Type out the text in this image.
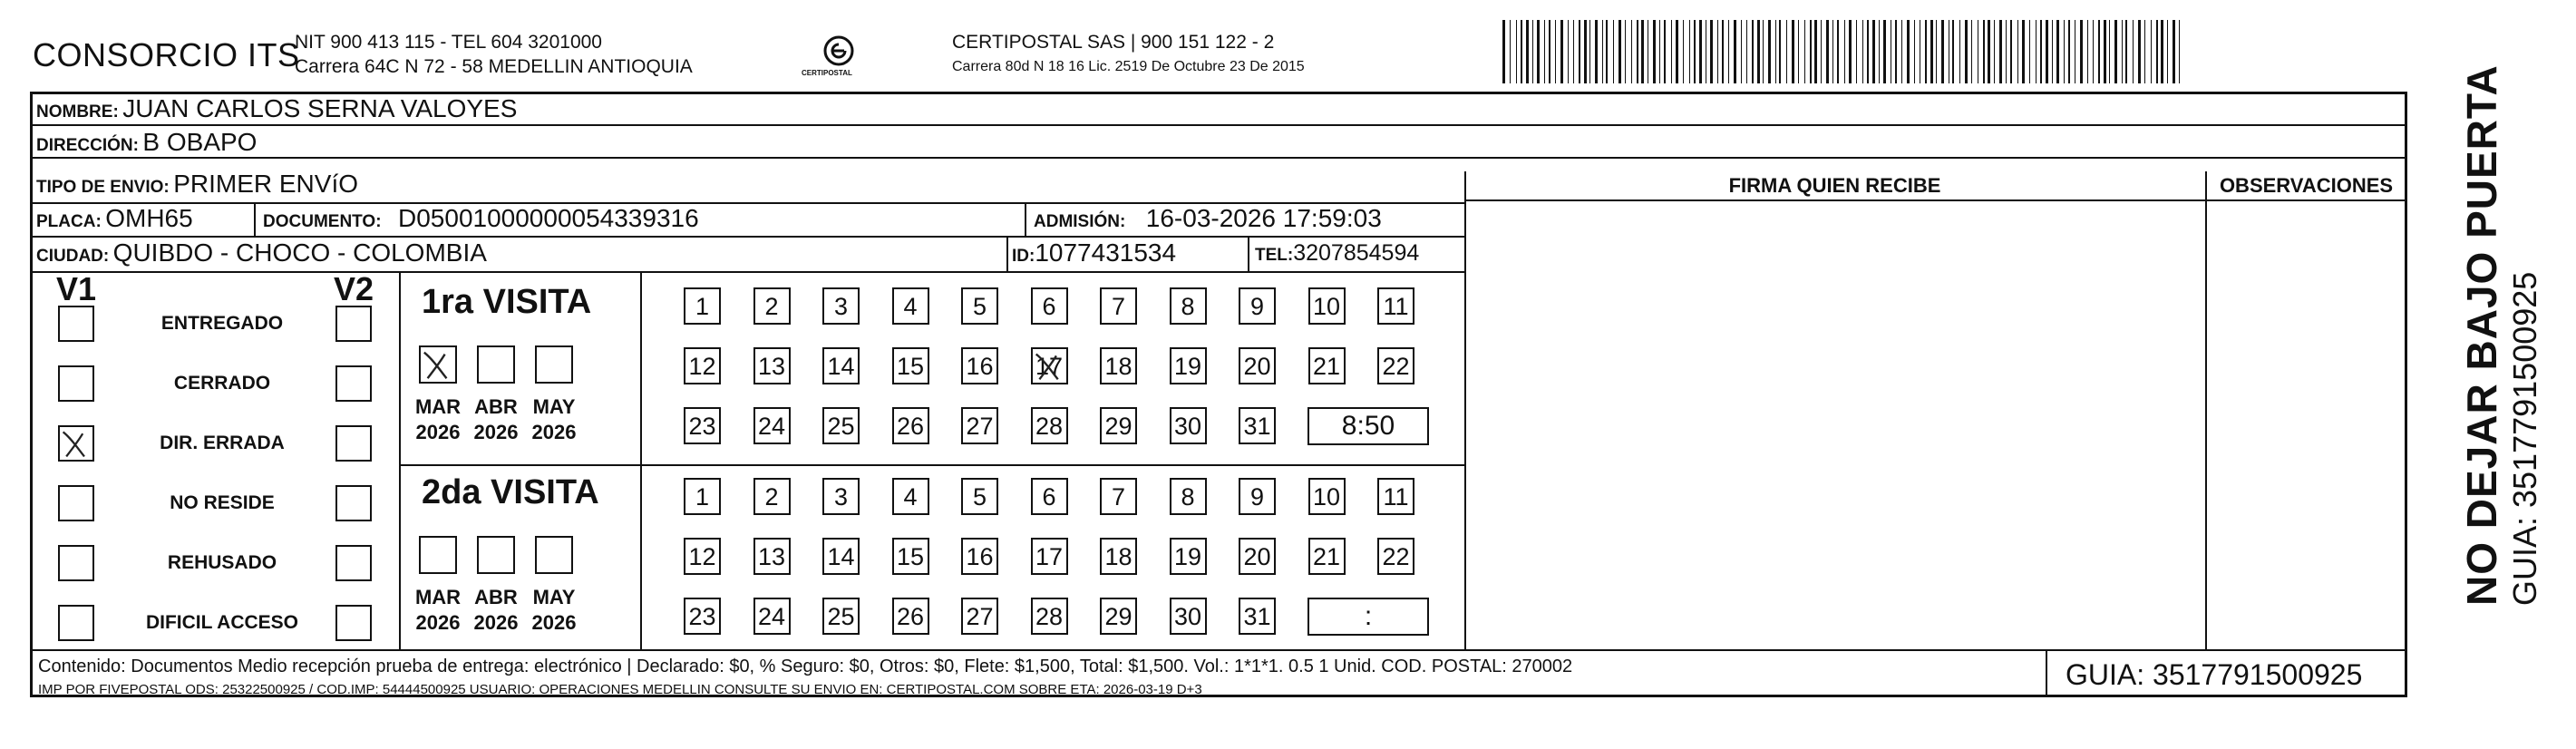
CONSORCIO ITS
NIT 900 413 115 - TEL 604 3201000
Carrera 64C N 72 - 58 MEDELLIN ANTIOQUIA	CERTIPOSTAL
CERTIPOSTAL SAS | 900 151 122 - 2
Carrera 80d N 18 16 Lic. 2519 De Octubre 23 De 2015
NOMBRE: JUAN CARLOS SERNA VALOYES
DIRECCIÓN: B OBAPO
TIPO DE ENVIO: PRIMER ENVíO
PLACA: OMH65	DOCUMENTO: D05001000000054339316	ADMISIÓN: 16-03-2026 17:59:03
CIUDAD: QUIBDO - CHOCO - COLOMBIA	ID:1077431534	TEL:3207854594
FIRMA QUIEN RECIBE	OBSERVACIONES
V1	V2
ENTREGADO
CERRADO
DIR. ERRADA
NO RESIDE
REHUSADO
DIFICIL ACCESO
1ra VISITA
2da VISITA
MAR
2026
ABR
2026
MAY
2026
1	2	3	4	5	6	7	8	9	10 11
12 13 14 15 16 17 18 19 20 21 22
23 24 25 26 27 28 29 30 31	8:50
MAR
2026
ABR
2026
MAY
2026
1	2	3	4	5	6	7	8	9	10 11
12 13 14 15 16 17 18 19 20 21 22
23 24 25 26 27 28 29 30 31	:
Contenido: Documentos Medio recepción prueba de entrega: electrónico | Declarado: $0, % Seguro: $0, Otros: $0, Flete: $1,500, Total: $1,500. Vol.: 1*1*1. 0.5 1 Unid. COD. POSTAL: 270002
IMP POR FIVEPOSTAL ODS: 25322500925 / COD.IMP: 54444500925 USUARIO: OPERACIONES MEDELLIN CONSULTE SU ENVIO EN: CERTIPOSTAL.COM SOBRE ETA: 2026-03-19 D+3	GUIA: 3517791500925
NO DEJAR BAJO PUERTA GUIA: 3517791500925
